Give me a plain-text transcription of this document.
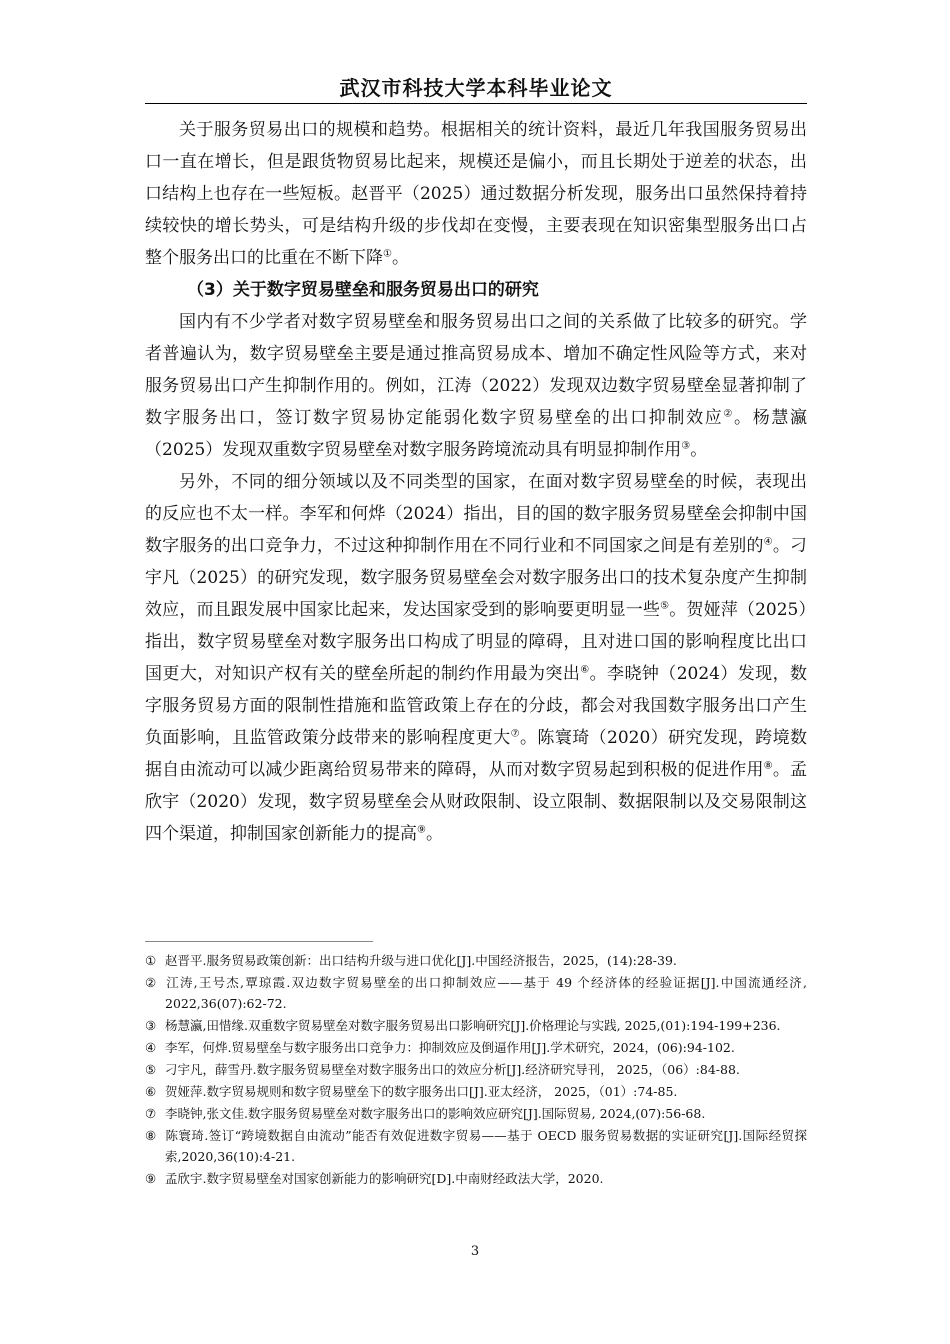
武汉市科技大学本科毕业论文

关于服务贸易出口的规模和趋势。根据相关的统计资料，最近几年我国服务贸易出口一直在增长，但是跟货物贸易比起来，规模还是偏小，而且长期处于逆差的状态，出口结构上也存在一些短板。赵晋平（2025）通过数据分析发现，服务出口虽然保持着持续较快的增长势头，可是结构升级的步伐却在变慢，主要表现在知识密集型服务出口占整个服务出口的比重在不断下降①。

（3）关于数字贸易壁垒和服务贸易出口的研究

国内有不少学者对数字贸易壁垒和服务贸易出口之间的关系做了比较多的研究。学者普遍认为，数字贸易壁垒主要是通过推高贸易成本、增加不确定性风险等方式，来对服务贸易出口产生抑制作用的。例如，江涛（2022）发现双边数字贸易壁垒显著抑制了数字服务出口，签订数字贸易协定能弱化数字贸易壁垒的出口抑制效应②。杨慧瀛（2025）发现双重数字贸易壁垒对数字服务跨境流动具有明显抑制作用③。

另外，不同的细分领域以及不同类型的国家，在面对数字贸易壁垒的时候，表现出的反应也不太一样。李军和何烨（2024）指出，目的国的数字服务贸易壁垒会抑制中国数字服务的出口竞争力，不过这种抑制作用在不同行业和不同国家之间是有差别的④。刁宇凡（2025）的研究发现，数字服务贸易壁垒会对数字服务出口的技术复杂度产生抑制效应，而且跟发展中国家比起来，发达国家受到的影响要更明显一些⑤。贺娅萍（2025）指出，数字贸易壁垒对数字服务出口构成了明显的障碍，且对进口国的影响程度比出口国更大，对知识产权有关的壁垒所起的制约作用最为突出⑥。李晓钟（2024）发现，数字服务贸易方面的限制性措施和监管政策上存在的分歧，都会对我国数字服务出口产生负面影响，且监管政策分歧带来的影响程度更大⑦。陈寰琦（2020）研究发现，跨境数据自由流动可以减少距离给贸易带来的障碍，从而对数字贸易起到积极的促进作用⑧。孟欣宇（2020）发现，数字贸易壁垒会从财政限制、设立限制、数据限制以及交易限制这四个渠道，抑制国家创新能力的提高⑨。

① 赵晋平.服务贸易政策创新：出口结构升级与进口优化[J].中国经济报告，2025，(14):28-39.
② 江涛,王号杰,覃琼霞.双边数字贸易壁垒的出口抑制效应——基于 49 个经济体的经验证据[J].中国流通经济, 2022,36(07):62-72.
③ 杨慧瀛,田惜缘.双重数字贸易壁垒对数字服务贸易出口影响研究[J].价格理论与实践, 2025,(01):194-199+236.
④ 李军，何烨.贸易壁垒与数字服务出口竞争力：抑制效应及倒逼作用[J].学术研究，2024，(06):94-102.
⑤ 刁宇凡，薛雪丹.数字服务贸易壁垒对数字服务出口的效应分析[J].经济研究导刊， 2025，（06）:84-88.
⑥ 贺娅萍.数字贸易规则和数字贸易壁垒下的数字服务出口[J].亚太经济， 2025，（01）:74-85.
⑦ 李晓钟,张文佳.数字服务贸易壁垒对数字服务出口的影响效应研究[J].国际贸易, 2024,(07):56-68.
⑧ 陈寰琦.签订“跨境数据自由流动”能否有效促进数字贸易——基于 OECD 服务贸易数据的实证研究[J].国际经贸探索,2020,36(10):4-21.
⑨ 孟欣宇.数字贸易壁垒对国家创新能力的影响研究[D].中南财经政法大学，2020.
3
